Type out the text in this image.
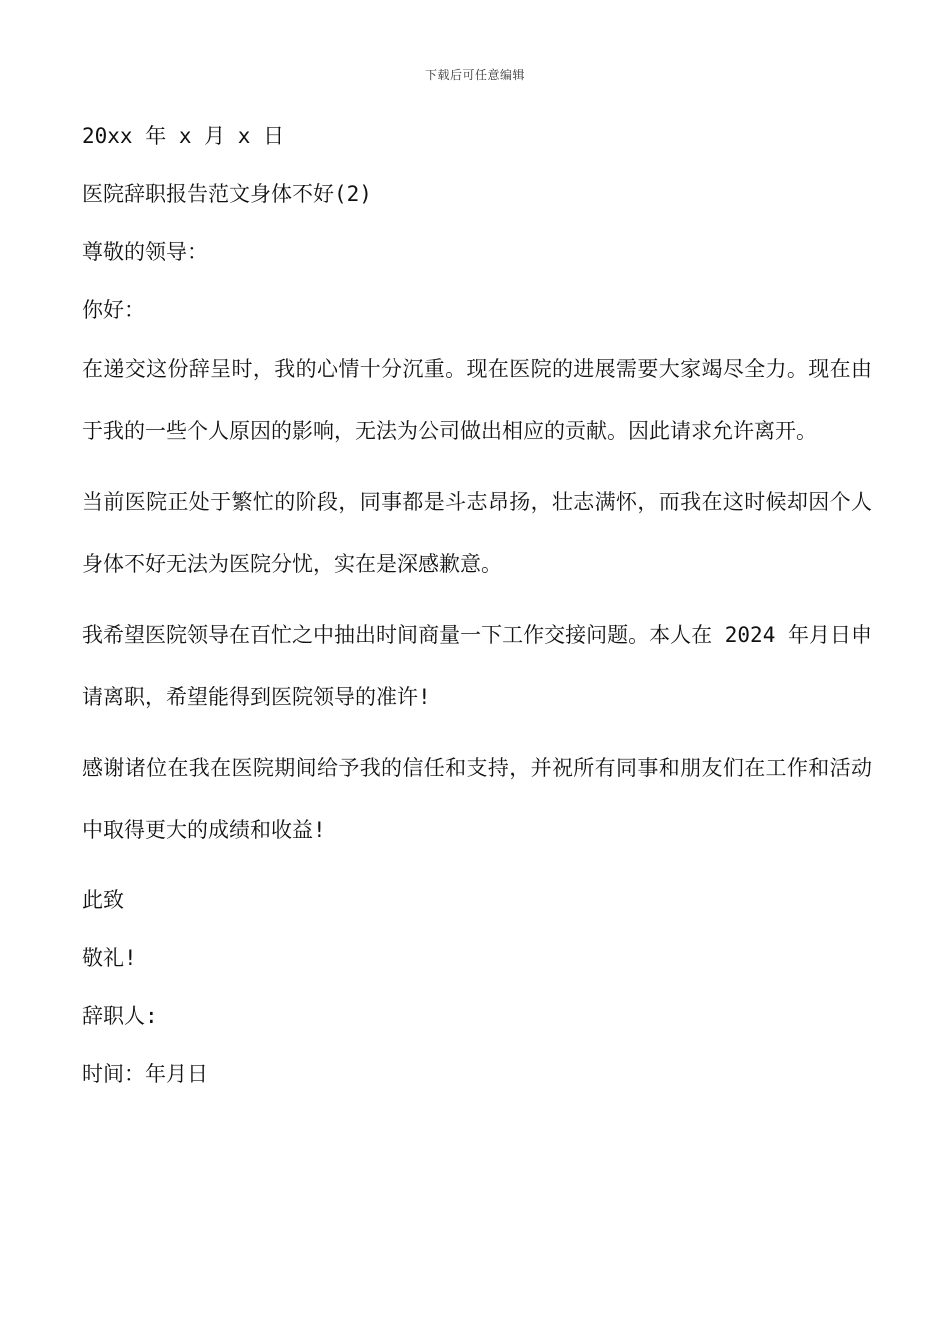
下载后可任意编辑

20xx 年 x 月 x 日

医院辞职报告范文身体不好(2)

尊敬的领导：

你好：

在递交这份辞呈时，我的心情十分沉重。现在医院的进展需要大家竭尽全力。现在由于我的一些个人原因的影响，无法为公司做出相应的贡献。因此请求允许离开。

当前医院正处于繁忙的阶段，同事都是斗志昂扬，壮志满怀，而我在这时候却因个人身体不好无法为医院分忧，实在是深感歉意。

我希望医院领导在百忙之中抽出时间商量一下工作交接问题。本人在 2024 年月日申请离职，希望能得到医院领导的准许!

感谢诸位在我在医院期间给予我的信任和支持，并祝所有同事和朋友们在工作和活动中取得更大的成绩和收益!

此致

敬礼!

辞职人:

时间：年月日
